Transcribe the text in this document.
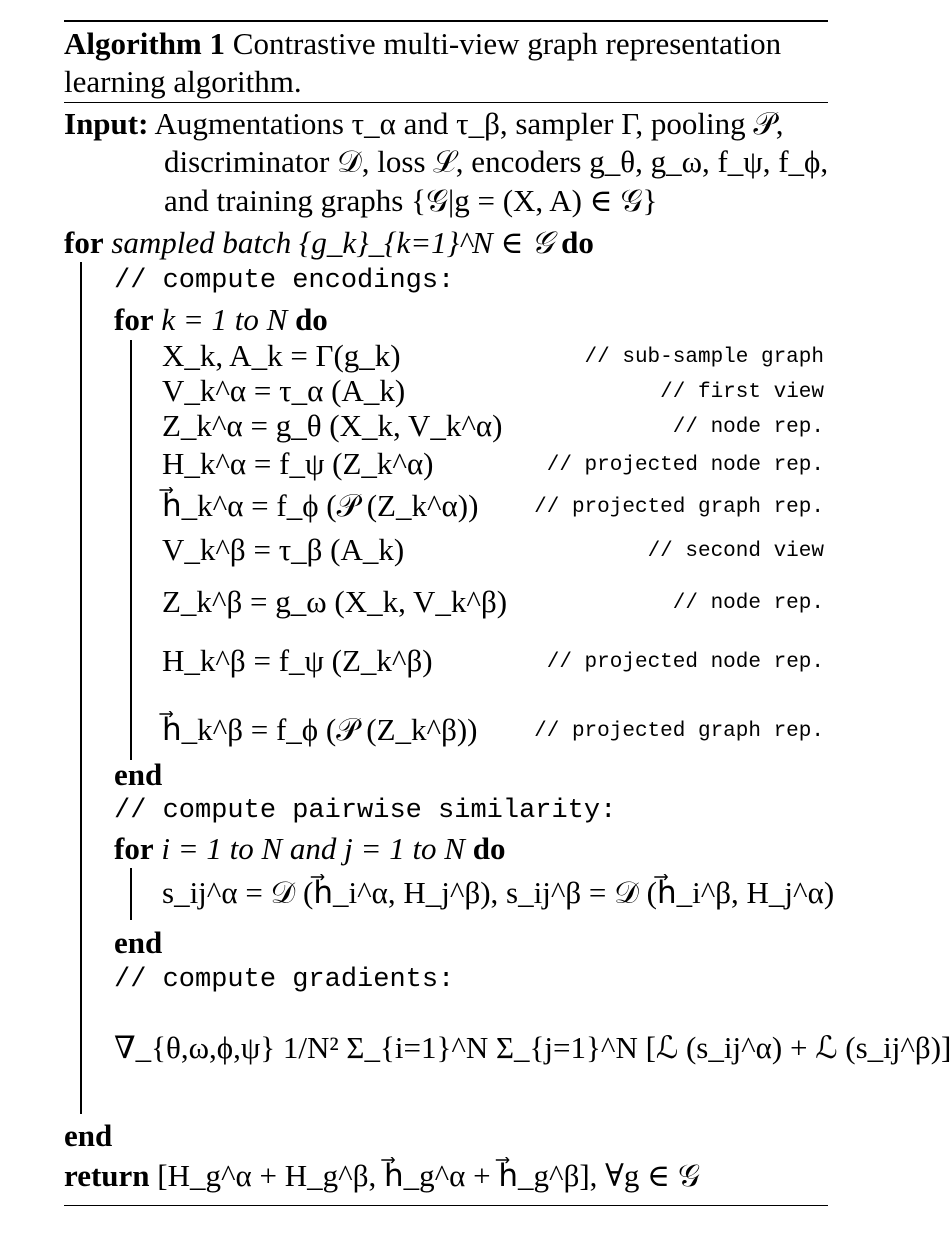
Algorithm 1 Contrastive multi-view graph representation
learning algorithm.
Input: Augmentations τ_α and τ_β, sampler Γ, pooling 𝒫,
discriminator 𝒟, loss ℒ, encoders g_θ, g_ω, f_ψ, f_ϕ,
and training graphs {𝒢|g = (X, A) ∈ 𝒢}
for sampled batch {g_k}_{k=1}^N ∈ 𝒢 do
// compute encodings:
for k = 1 to N do
X_k, A_k = Γ(g_k)	// sub-sample graph
V_k^α = τ_α (A_k)	// first view
Z_k^α = g_θ (X_k, V_k^α)	// node rep.
H_k^α = f_ψ (Z_k^α)	// projected node rep.
h⃗_k^α = f_ϕ (𝒫 (Z_k^α))	// projected graph rep.
V_k^β = τ_β (A_k)	// second view
Z_k^β = g_ω (X_k, V_k^β)	// node rep.
H_k^β = f_ψ (Z_k^β)	// projected node rep.
h⃗_k^β = f_ϕ (𝒫 (Z_k^β))	// projected graph rep.
end
// compute pairwise similarity:
for i = 1 to N and j = 1 to N do
s_ij^α = 𝒟 (h⃗_i^α, H_j^β), s_ij^β = 𝒟 (h⃗_i^β, H_j^α)
end
// compute gradients:
∇_{θ,ω,ϕ,ψ} 1/N² Σ_{i=1}^N Σ_{j=1}^N [ℒ (s_ij^α) + ℒ (s_ij^β)]
end
return [H_g^α + H_g^β, h⃗_g^α + h⃗_g^β], ∀g ∈ 𝒢
